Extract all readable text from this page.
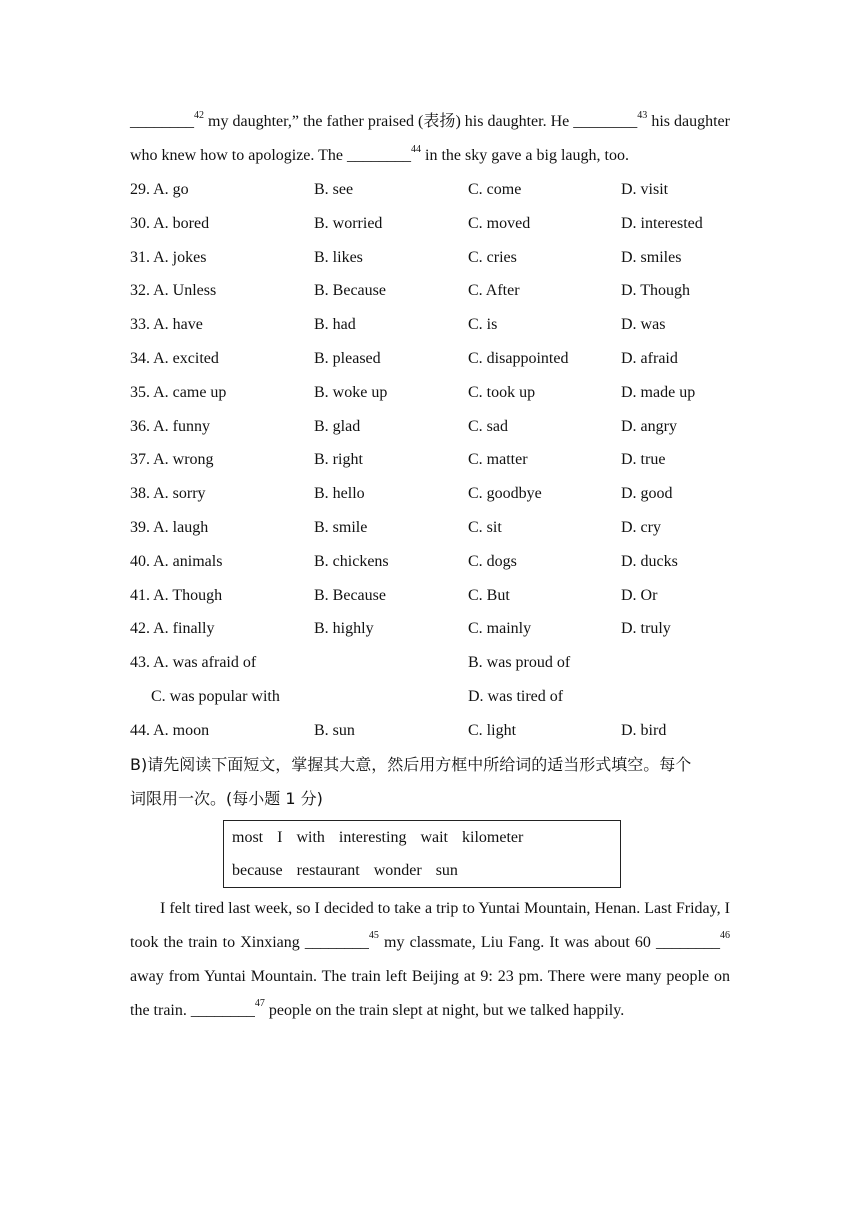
________$^{42}$ my daughter,” the father praised (表扬) his daughter. He ________$^{43}$ his daughter who knew how to apologize. The ________$^{44}$ in the sky gave a big laugh, too.

29. A. go	B. see	C. come	D. visit
30. A. bored	B. worried	C. moved	D. interested
31. A. jokes	B. likes	C. cries	D. smiles
32. A. Unless	B. Because	C. After	D. Though
33. A. have	B. had	C. is	D. was
34. A. excited	B. pleased	C. disappointed	D. afraid
35. A. came up	B. woke up	C. took up	D. made up
36. A. funny	B. glad	C. sad	D. angry
37. A. wrong	B. right	C. matter	D. true
38. A. sorry	B. hello	C. goodbye	D. good
39. A. laugh	B. smile	C. sit	D. cry
40. A. animals	B. chickens	C. dogs	D. ducks
41. A. Though	B. Because	C. But	D. Or
42. A. finally	B. highly	C. mainly	D. truly
43. A. was afraid of	B. was proud of
C. was popular with	D. was tired of
44. A. moon	B. sun	C. light	D. bird

B)请先阅读下面短文，掌握其大意，然后用方框中所给词的适当形式填空。每个
词限用一次。(每小题 1 分)

most I with interesting wait kilometer
because restaurant wonder sun

I felt tired last week, so I decided to take a trip to Yuntai Mountain, Henan. Last Friday, I took the train to Xinxiang ________$^{45}$ my classmate, Liu Fang. It was about 60 ________$^{46}$ away from Yuntai Mountain. The train left Beijing at 9: 23 pm. There were many people on the train. ________$^{47}$ people on the train slept at night, but we talked happily.
